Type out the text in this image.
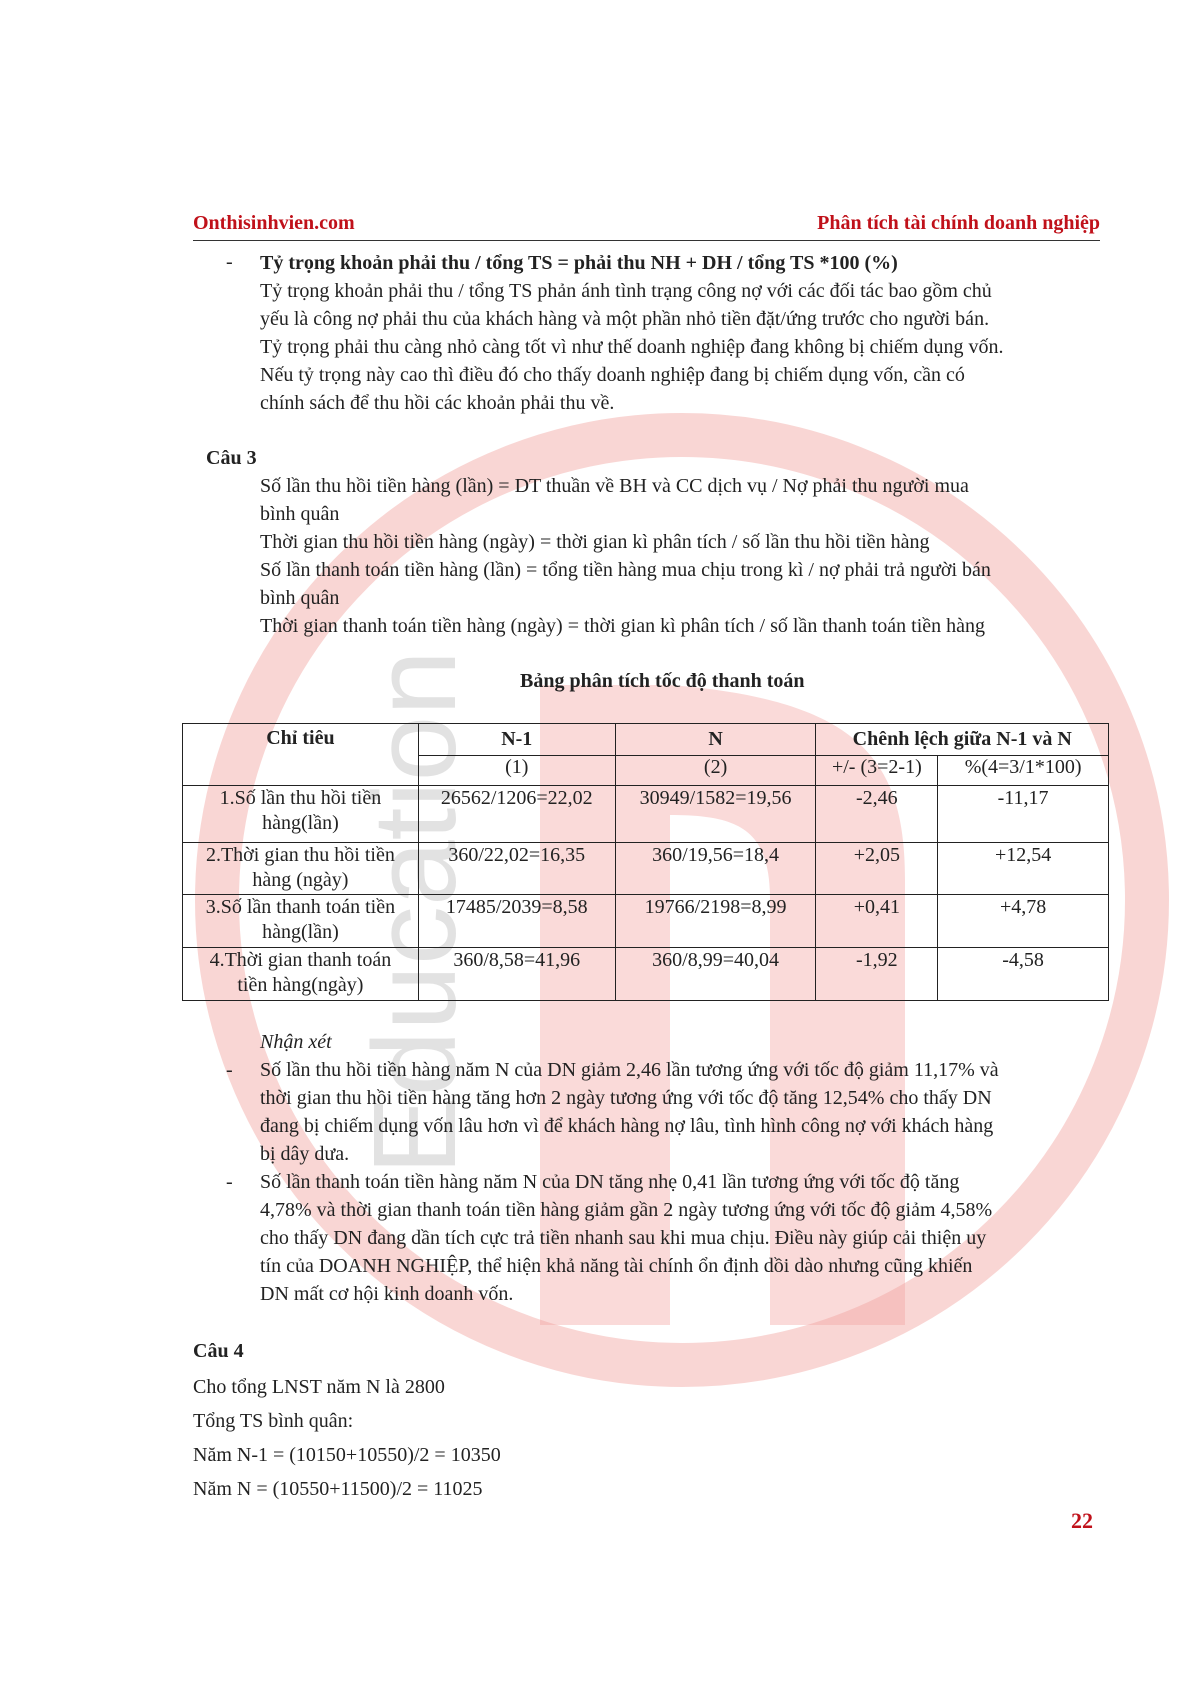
Education
Onthisinhvien.com	Phân tích tài chính doanh nghiệp
- Tỷ trọng khoản phải thu / tổng TS = phải thu NH + DH / tổng TS *100 (%)
Tỷ trọng khoản phải thu / tổng TS phản ánh tình trạng công nợ với các đối tác bao gồm chủ
yếu là công nợ phải thu của khách hàng và một phần nhỏ tiền đặt/ứng trước cho người bán.
Tỷ trọng phải thu càng nhỏ càng tốt vì như thế doanh nghiệp đang không bị chiếm dụng vốn.
Nếu tỷ trọng này cao thì điều đó cho thấy doanh nghiệp đang bị chiếm dụng vốn, cần có
chính sách để thu hồi các khoản phải thu về.
Câu 3
Số lần thu hồi tiền hàng (lần) = DT thuần về BH và CC dịch vụ / Nợ phải thu người mua
bình quân
Thời gian thu hồi tiền hàng (ngày) = thời gian kì phân tích / số lần thu hồi tiền hàng
Số lần thanh toán tiền hàng (lần) = tổng tiền hàng mua chịu trong kì / nợ phải trả người bán
bình quân
Thời gian thanh toán tiền hàng (ngày) = thời gian kì phân tích / số lần thanh toán tiền hàng
Bảng phân tích tốc độ thanh toán
Chỉ tiêu	N-1	N	Chênh lệch giữa N-1 và N	
	(1)	(2)	+/- (3=2-1)	%(4=3/1*100)

1.Số lần thu hồi tiền
hàng(lần)	26562/1206=22,02	30949/1582=19,56	-2,46	-11,17

2.Thời gian thu hồi tiền
hàng (ngày)	360/22,02=16,35	360/19,56=18,4	+2,05	+12,54

3.Số lần thanh toán tiền
hàng(lần)	17485/2039=8,58	19766/2198=8,99	+0,41	+4,78

4.Thời gian thanh toán
tiền hàng(ngày)	360/8,58=41,96	360/8,99=40,04	-1,92	-4,58
Nhận xét
- Số lần thu hồi tiền hàng năm N của DN giảm 2,46 lần tương ứng với tốc độ giảm 11,17% và
thời gian thu hồi tiền hàng tăng hơn 2 ngày tương ứng với tốc độ tăng 12,54% cho thấy DN
đang bị chiếm dụng vốn lâu hơn vì để khách hàng nợ lâu, tình hình công nợ với khách hàng
bị dây dưa.
- Số lần thanh toán tiền hàng năm N của DN tăng nhẹ 0,41 lần tương ứng với tốc độ tăng
4,78% và thời gian thanh toán tiền hàng giảm gần 2 ngày tương ứng với tốc độ giảm 4,58%
cho thấy DN đang dần tích cực trả tiền nhanh sau khi mua chịu. Điều này giúp cải thiện uy
tín của DOANH NGHIỆP, thể hiện khả năng tài chính ổn định dồi dào nhưng cũng khiến
DN mất cơ hội kinh doanh vốn.
Câu 4
Cho tổng LNST năm N là 2800
Tổng TS bình quân:
Năm N-1 = (10150+10550)/2 = 10350
Năm N = (10550+11500)/2 = 11025
22
